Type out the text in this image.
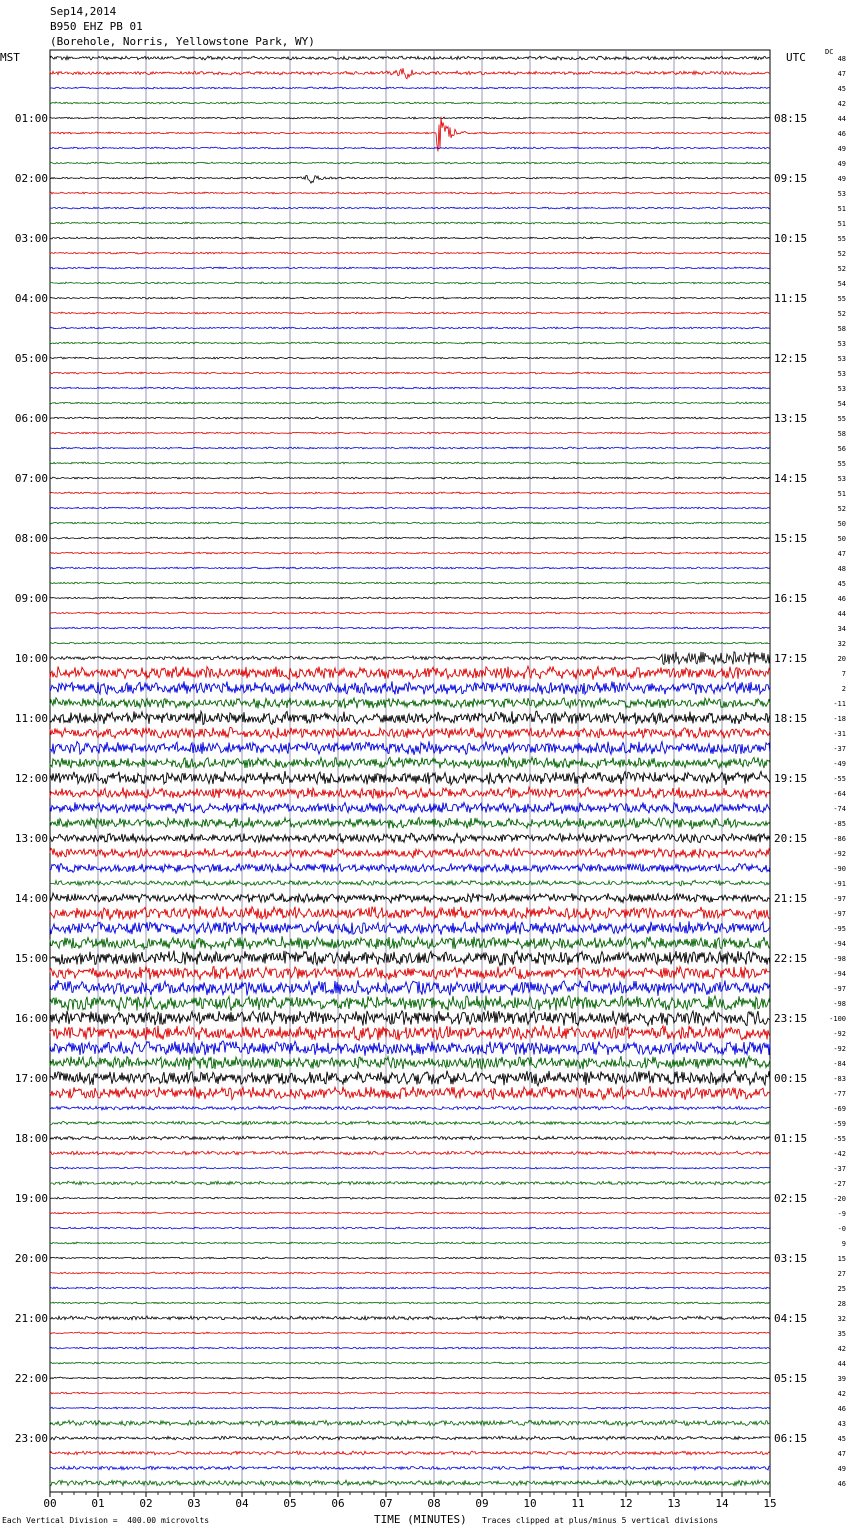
01:00
02:00
03:00
04:00
05:00
06:00
07:00
08:00
09:00
10:00
11:00
12:00
13:00
14:00
15:00
16:00
17:00
18:00
19:00
20:00
21:00
22:00
23:00
08:15
09:15
10:15
11:15
12:15
13:15
14:15
15:15
16:15
17:15
18:15
19:15
20:15
21:15
22:15
23:15
00:15
01:15
02:15
03:15
04:15
05:15
06:15
48
47
45
42
44
46
49
49
49
53
51
51
55
52
52
54
55
52
58
53
53
53
53
54
55
58
56
55
53
51
52
50
50
47
48
45
46
44
34
32
20
7
2
-11
-18
-31
-37
-49
-55
-64
-74
-85
-86
-92
-90
-91
-97
-97
-95
-94
-98
-94
-97
-98
-100
-92
-92
-84
-83
-77
-69
-59
-55
-42
-37
-27
-20
-9
-0
9
15
27
25
28
32
35
42
44
39
42
46
43
45
47
49
46
00	01	02	03	04	05	06	07	08	09	10	11	12	13	14	15
Sep14,2014
B950 EHZ PB 01
(Borehole, Norris, Yellowstone Park, WY)
MST	UTC	DC
Each Vertical Division =  400.00 microvolts	TIME (MINUTES) Traces clipped at plus/minus 5 vertical divisions
